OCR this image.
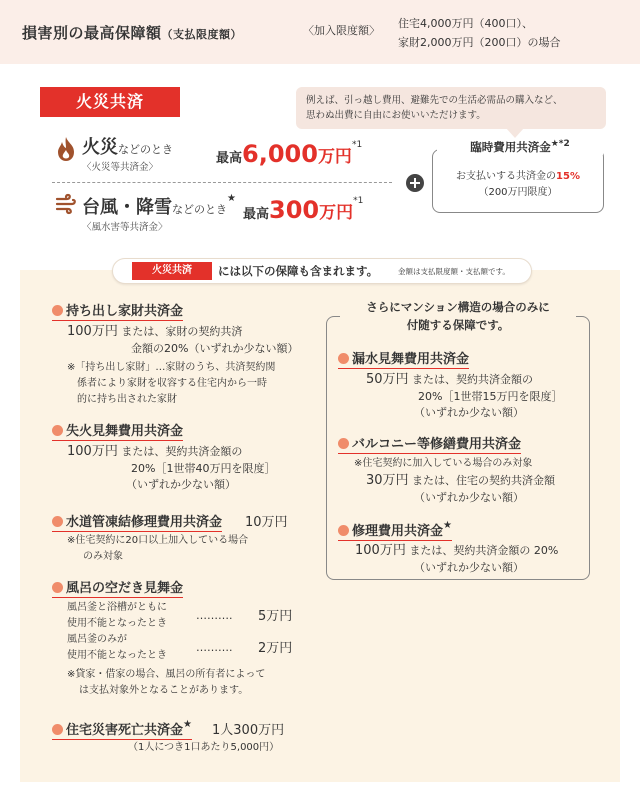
損害別の最高保障額（支払限度額）	〈加入限度額〉
住宅4,000万円（400口）、
家財2,000万円（200口）の場合
火災共済	例えば、引っ越し費用、避難先での生活必需品の購入など、
思わぬ出費に自由にお使いいただけます。
火災などのとき
〈火災等共済金〉
最高6,000万円$^{*1}$
台風・降雪などのとき★
〈風水害等共済金〉
最高300万円$^{*1}$
臨時費用共済金$^{★*2}$
お支払いする共済金の15%
（200万円限度）
火災共済	には以下の保障も含まれます。	金額は支払限度額・支払額です。
持ち出し家財共済金
100万円 または、家財の契約共済
金額の20%（いずれか少ない額）
※「持ち出し家財」…家財のうち、共済契約関
係者により家財を収容する住宅内から一時
的に持ち出された家財
失火見舞費用共済金
100万円 または、契約共済金額の
20%［1世帯40万円を限度］
（いずれか少ない額）
水道管凍結修理費用共済金 10万円
※住宅契約に20口以上加入している場合
のみ対象
風呂の空だき見舞金
風呂釜と浴槽がともに
使用不能となったとき
………. 5万円
風呂釜のみが
使用不能となったとき
………. 2万円
※貸家・借家の場合、風呂の所有者によって
は支払対象外となることがあります。
住宅災害死亡共済金★ 1人300万円
（1人につき1口あたり5,000円）
さらにマンション構造の場合のみに
付随する保障です。
漏水見舞費用共済金
50万円 または、契約共済金額の
20%［1世帯15万円を限度］
（いずれか少ない額）
バルコニー等修繕費用共済金
※住宅契約に加入している場合のみ対象
30万円 または、住宅の契約共済金額
（いずれか少ない額）
修理費用共済金★
100万円 または、契約共済金額の 20%
（いずれか少ない額）
